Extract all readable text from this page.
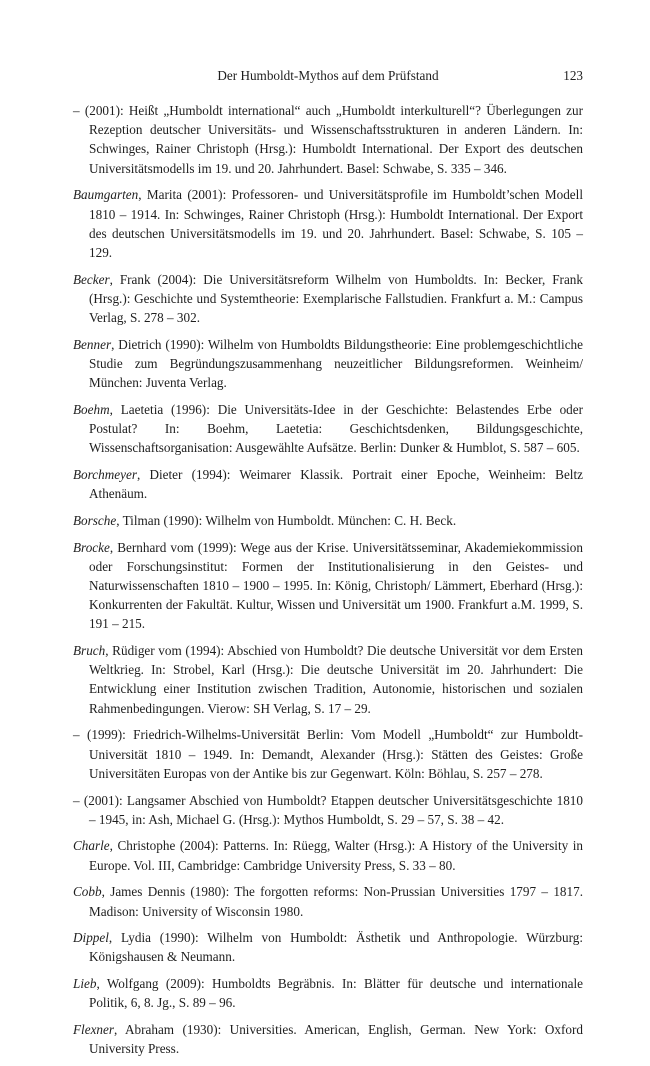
Der Humboldt-Mythos auf dem Prüfstand	123

– (2001): Heißt „Humboldt international“ auch „Humboldt interkulturell“? Überlegungen zur Rezeption deutscher Universitäts- und Wissenschaftsstrukturen in anderen Ländern. In: Schwinges, Rainer Christoph (Hrsg.): Humboldt International. Der Export des deutschen Universitätsmodells im 19. und 20. Jahrhundert. Basel: Schwabe, S. 335 – 346.

Baumgarten, Marita (2001): Professoren- und Universitätsprofile im Humboldt’schen Modell 1810 – 1914. In: Schwinges, Rainer Christoph (Hrsg.): Humboldt International. Der Export des deutschen Universitätsmodells im 19. und 20. Jahrhundert. Basel: Schwabe, S. 105 – 129.

Becker, Frank (2004): Die Universitätsreform Wilhelm von Humboldts. In: Becker, Frank (Hrsg.): Geschichte und Systemtheorie: Exemplarische Fallstudien. Frankfurt a. M.: Campus Verlag, S. 278 – 302.

Benner, Dietrich (1990): Wilhelm von Humboldts Bildungstheorie: Eine problemgeschichtliche Studie zum Begründungszusammenhang neuzeitlicher Bildungsreformen. Weinheim/ München: Juventa Verlag.

Boehm, Laetetia (1996): Die Universitäts-Idee in der Geschichte: Belastendes Erbe oder Postulat? In: Boehm, Laetetia: Geschichtsdenken, Bildungsgeschichte, Wissenschaftsorganisation: Ausgewählte Aufsätze. Berlin: Dunker & Humblot, S. 587 – 605.

Borchmeyer, Dieter (1994): Weimarer Klassik. Portrait einer Epoche, Weinheim: Beltz Athenäum.

Borsche, Tilman (1990): Wilhelm von Humboldt. München: C. H. Beck.

Brocke, Bernhard vom (1999): Wege aus der Krise. Universitätsseminar, Akademiekommission oder Forschungsinstitut: Formen der Institutionalisierung in den Geistes- und Naturwissenschaften 1810 – 1900 – 1995. In: König, Christoph/ Lämmert, Eberhard (Hrsg.): Konkurrenten der Fakultät. Kultur, Wissen und Universität um 1900. Frankfurt a.M. 1999, S. 191 – 215.

Bruch, Rüdiger vom (1994): Abschied von Humboldt? Die deutsche Universität vor dem Ersten Weltkrieg. In: Strobel, Karl (Hrsg.): Die deutsche Universität im 20. Jahrhundert: Die Entwicklung einer Institution zwischen Tradition, Autonomie, historischen und sozialen Rahmenbedingungen. Vierow: SH Verlag, S. 17 – 29.

– (1999): Friedrich-Wilhelms-Universität Berlin: Vom Modell „Humboldt“ zur Humboldt-Universität 1810 – 1949. In: Demandt, Alexander (Hrsg.): Stätten des Geistes: Große Universitäten Europas von der Antike bis zur Gegenwart. Köln: Böhlau, S. 257 – 278.

– (2001): Langsamer Abschied von Humboldt? Etappen deutscher Universitätsgeschichte 1810 – 1945, in: Ash, Michael G. (Hrsg.): Mythos Humboldt, S. 29 – 57, S. 38 – 42.

Charle, Christophe (2004): Patterns. In: Rüegg, Walter (Hrsg.): A History of the University in Europe. Vol. III, Cambridge: Cambridge University Press, S. 33 – 80.

Cobb, James Dennis (1980): The forgotten reforms: Non-Prussian Universities 1797 – 1817. Madison: University of Wisconsin 1980.

Dippel, Lydia (1990): Wilhelm von Humboldt: Ästhetik und Anthropologie. Würzburg: Königshausen & Neumann.

Lieb, Wolfgang (2009): Humboldts Begräbnis. In: Blätter für deutsche und internationale Politik, 6, 8. Jg., S. 89 – 96.

Flexner, Abraham (1930): Universities. American, English, German. New York: Oxford University Press.
